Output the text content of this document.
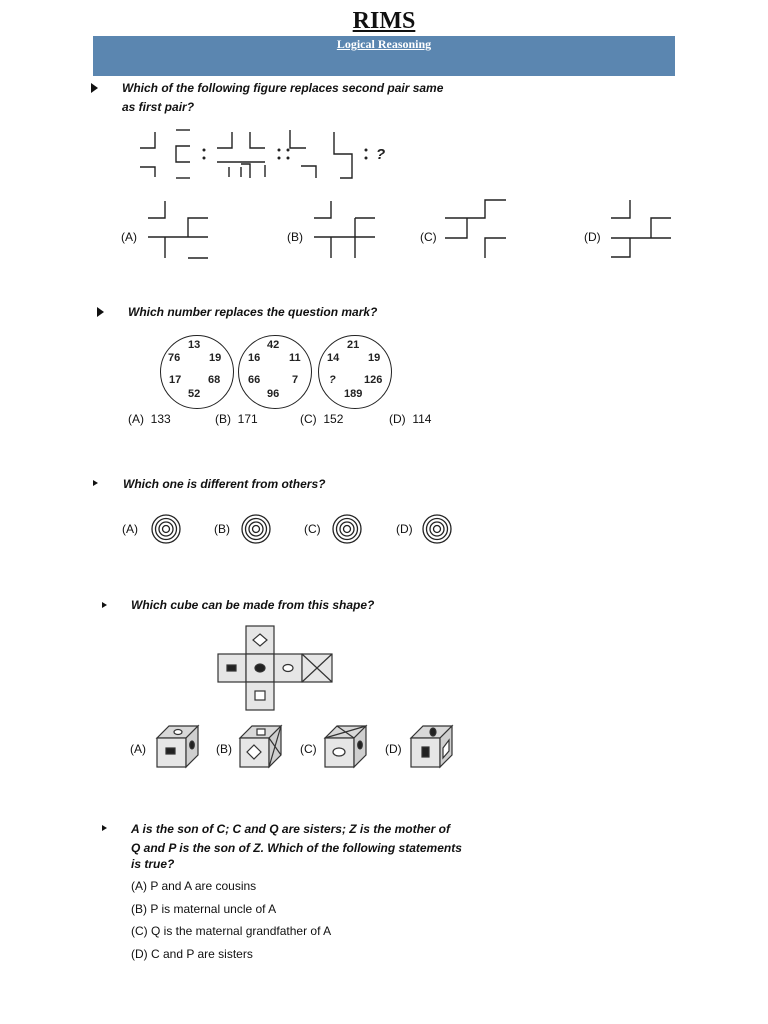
RIMS
Logical Reasoning
Which of the following figure replaces second pair same
as first pair?
?
(A)	(B)	(C)	(D)
Which number replaces the question mark?
13
76	19
17 68
52
42
16	11
66	7
96
21
14	19
?	126
189
(A) 133	(B) 171	(C) 152	(D) 114
Which one is different from others?
(A)	(B)	(C)	(D)
Which cube can be made from this shape?
(A)	(B)	(C)	(D)
A is the son of C; C and Q are sisters; Z is the mother of
Q and P is the son of Z. Which of the following statements
is true?
(A) P and A are cousins
(B) P is maternal uncle of A
(C) Q is the maternal grandfather of A
(D) C and P are sisters
